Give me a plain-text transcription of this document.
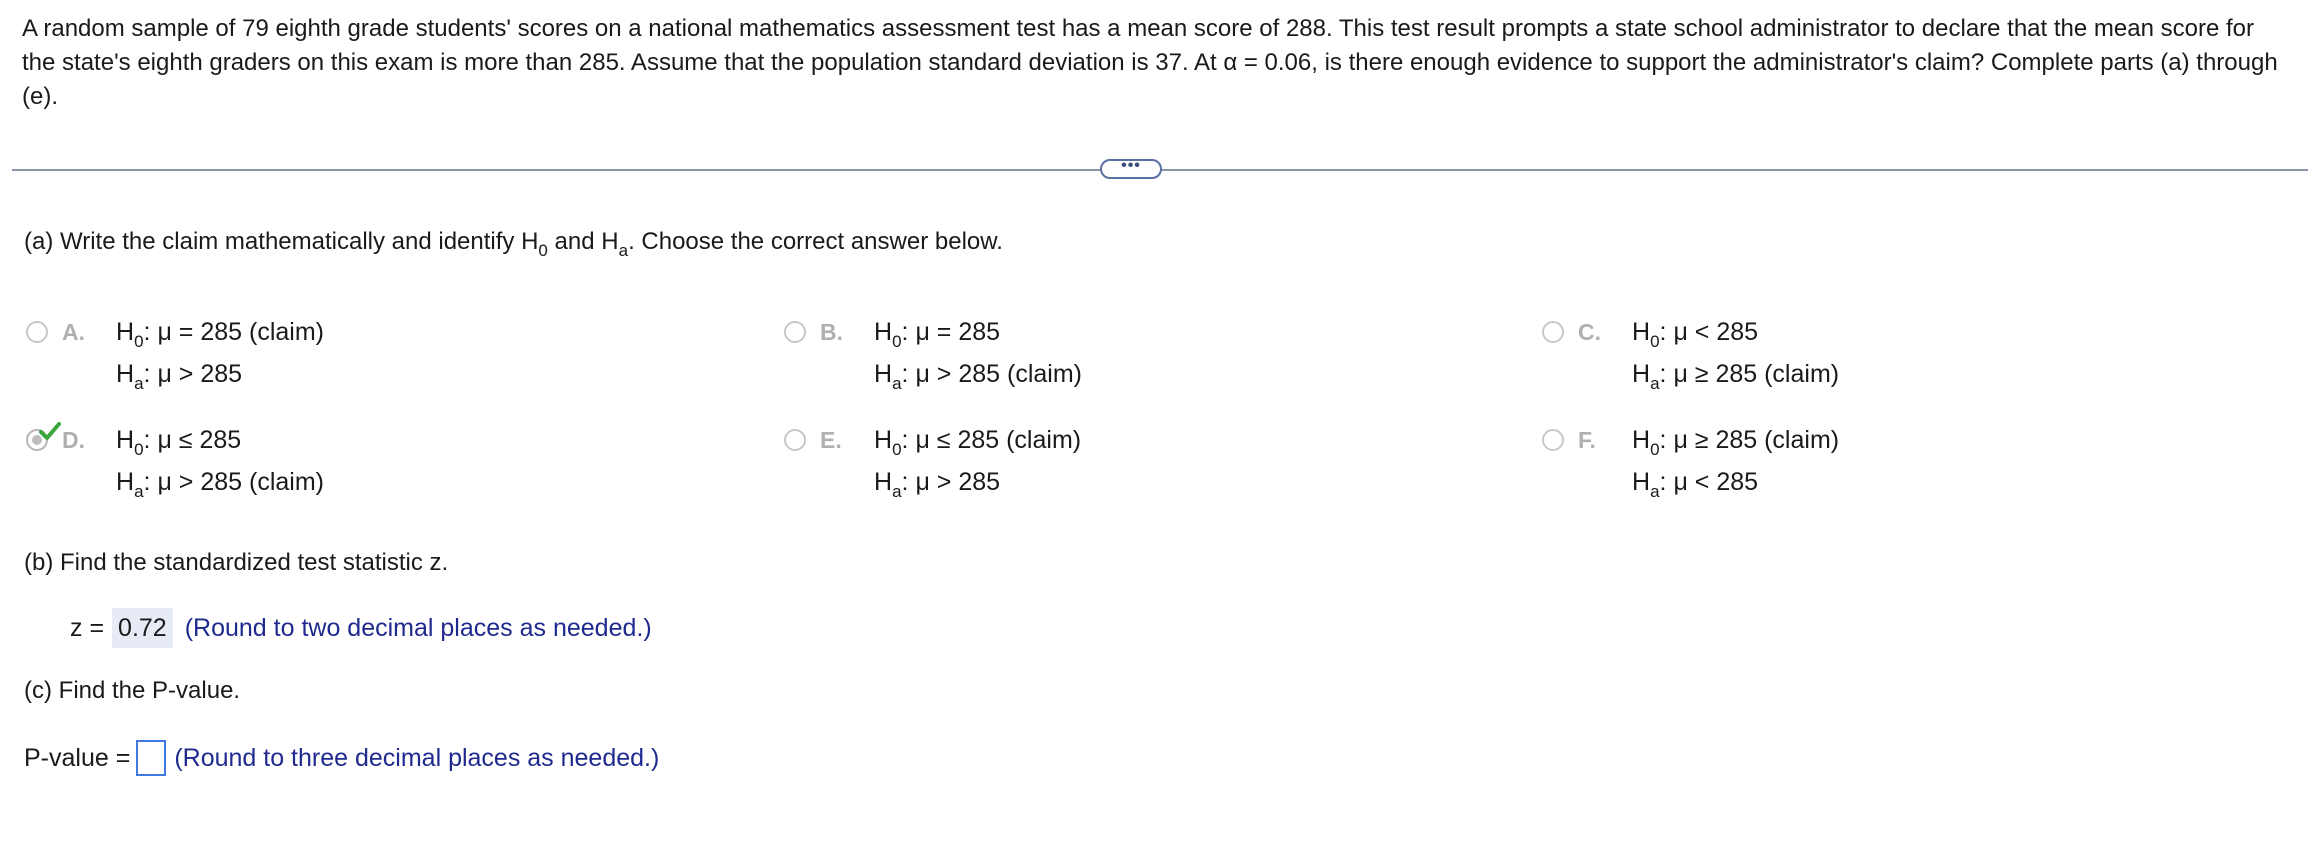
A random sample of 79 eighth grade students' scores on a national mathematics assessment test has a mean score of 288. This test result prompts a state school administrator to declare that the mean score for the state's eighth graders on this exam is more than 285. Assume that the population standard deviation is 37. At α = 0.06, is there enough evidence to support the administrator's claim? Complete parts (a) through (e).

•••

(a) Write the claim mathematically and identify $H_0$ and $H_a$. Choose the correct answer below.

A. $H_0$: μ = 285 (claim)
$H_a$: μ > 285
B. $H_0$: μ = 285
$H_a$: μ > 285 (claim)
C. $H_0$: μ < 285
$H_a$: μ ≥ 285 (claim)
D. $H_0$: μ ≤ 285
$H_a$: μ > 285 (claim)
E. $H_0$: μ ≤ 285 (claim)
$H_a$: μ > 285
F. $H_0$: μ ≥ 285 (claim)
$H_a$: μ < 285

(b) Find the standardized test statistic z.

z = 0.72 (Round to two decimal places as needed.)

(c) Find the P-value.

P-value = (Round to three decimal places as needed.)
